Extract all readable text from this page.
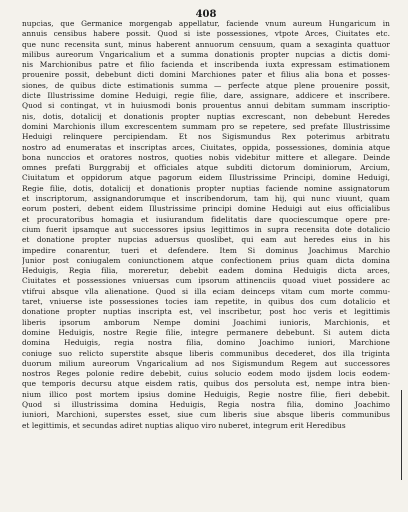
408
nupcias, que Germanice morgengab appellatur, faciende vnum aureum Hungaricum in
annuis censibus habere possit. Quod si iste possessiones, vtpote Arces, Ciuitates etc.
que nunc recensita sunt, minus haberent annuorum censuum, quam a sexaginta quattuor
milibus aureorum Vngaricalium et a summa donationis propter nupcias a dictis domi-
nis Marchionibus patre et filio facienda et inscribenda iuxta expressam estimationem
prouenire possit, debebunt dicti domini Marchiones pater et filius alia bona et posses-
siones, de quibus dicte estimationis summa — perfecte atque plene prouenire possit,
dicte Illustrissime domine Heduigi, regie filie, dare, assignare, addicere et inscribere.
Quod si contingat, vt in huiusmodi bonis prouentus annui debitam summam inscriptio-
nis, dotis, dotalicij et donationis propter nuptias excrescant, non debebunt Heredes
domini Marchionis illum excrescentem summam pro se repetere, sed prefate Illustrissime
Heduigi relinquere percipiendam. Et nos Sigismundus Rex poterimus arbitratu
nostro ad enumeratas et inscriptas arces, Ciuitates, oppida, possessiones, dominia atque
bona nunccios et oratores nostros, quoties nobis videbitur mittere et allegare. Deinde
omnes prefati Burggrabij et officiales atque subditi dictorum dominiorum, Arcium,
Ciuitatum et oppidorum atque pagorum eidem Illustrissime Principi, domine Heduigi,
Regie filie, dotis, dotalicij et donationis propter nuptias faciende nomine assignatorum
et inscriptorum, assignandorumque et inscribendorum, tam hij, qui nunc viuunt, quam
eorum posteri, debent eidem Illustrissime principi domine Heduigi aut eius officialibus
et procuratoribus homagia et iusiurandum fidelitatis dare quociescumque opere pre-
cium fuerit ipsamque aut successores ipsius legittimos in supra recensita dote dotalicio
et donatione propter nupcias aduersus quoslibet, qui eam aut heredes eius in his
impedire conarentur, tueri et defendere. Item Si dominus Joachimus Marchio
Junior post coniugalem coniunctionem atque confectionem prius quam dicta domina
Heduigis, Regia filia, moreretur, debebit eadem domina Heduigis dicta arces,
Ciuitates et possessiones vniuersas cum ipsorum attinenciis quoad viuet possidere ac
vtifrui absque vlla alienatione. Quod si illa eciam deinceps vitam cum morte commu-
taret, vniuerse iste possessiones tocies iam repetite, in quibus dos cum dotalicio et
donatione propter nuptias inscripta est, vel inscribetur, post hoc veris et legittimis
liberis ipsorum amborum Nempe domini Joachimi iunioris, Marchionis, et
domine Heduigis, nostre Regie filie, integre permanere debebunt. Si autem dicta
domina Heduigis, regia nostra filia, domino Joachimo iuniori, Marchione
coniuge suo relicto superstite absque liberis communibus decederet, dos illa triginta
duorum milium aureorum Vngaricalium ad nos Sigismundum Regem aut successores
nostros Reges polonie redire debebit, cuius solucio eodem modo ijsdem locis eodem-
que temporis decursu atque eisdem ratis, quibus dos persoluta est, nempe intra bien-
nium illico post mortem ipsius domine Heduigis, Regie nostre filie, fieri debebit.
Quod si illustrissima domina Heduigis, Regia nostra filia, domino Joachimo
iuniori, Marchioni, superstes esset, siue cum liberis siue absque liberis communibus
et legittimis, et secundas adiret nuptias aliquo viro nuberet, integrum erit Heredibus
